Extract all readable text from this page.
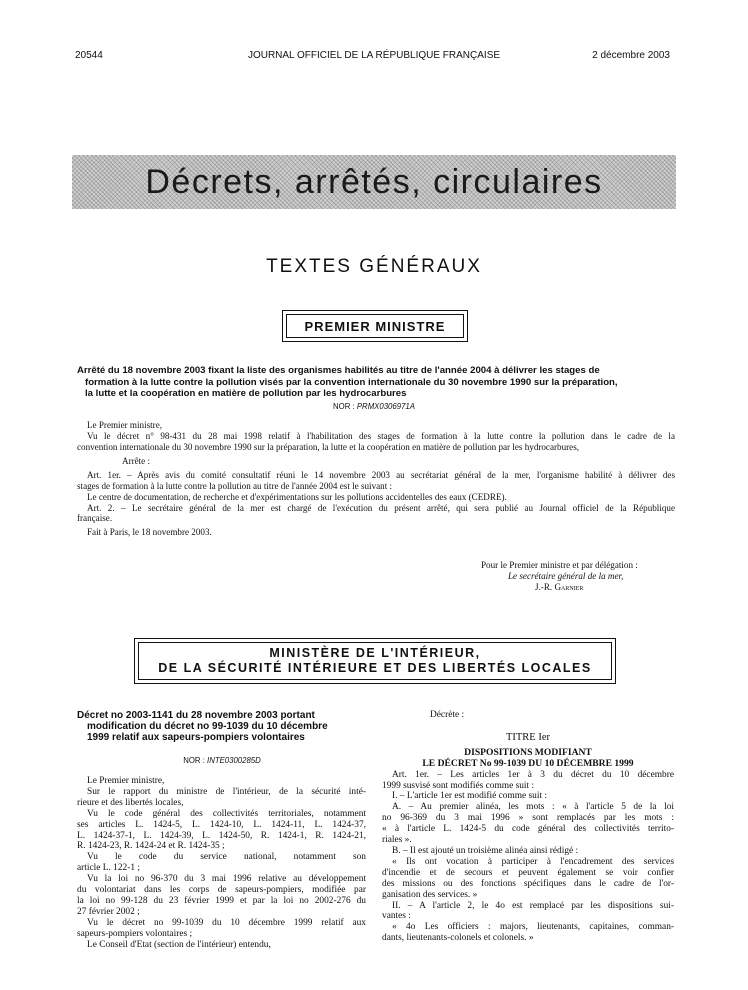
20544	JOURNAL OFFICIEL DE LA RÉPUBLIQUE FRANÇAISE	2 décembre 2003
Décrets, arrêtés, circulaires
TEXTES GÉNÉRAUX
PREMIER MINISTRE
Arrêté du 18 novembre 2003 fixant la liste des organismes habilités au titre de l'année 2004 à délivrer les stages de
formation à la lutte contre la pollution visés par la convention internationale du 30 novembre 1990 sur la préparation,
la lutte et la coopération en matière de pollution par les hydrocarbures
NOR : PRMX0306971A
Le Premier ministre,
Vu le décret n° 98-431 du 28 mai 1998 relatif à l'habilitation des stages de formation à la lutte contre la pollution dans le cadre de la
convention internationale du 30 novembre 1990 sur la préparation, la lutte et la coopération en matière de pollution par les hydrocarbures,
Arrête :
Art. 1er. – Après avis du comité consultatif réuni le 14 novembre 2003 au secrétariat général de la mer, l'organisme habilité à délivrer des
stages de formation à la lutte contre la pollution au titre de l'année 2004 est le suivant :
Le centre de documentation, de recherche et d'expérimentations sur les pollutions accidentelles des eaux (CEDRE).
Art. 2. – Le secrétaire général de la mer est chargé de l'exécution du présent arrêté, qui sera publié au Journal officiel de la République
française.
Fait à Paris, le 18 novembre 2003.
Pour le Premier ministre et par délégation :
Le secrétaire général de la mer,
J.-R. Garnier
MINISTÈRE DE L'INTÉRIEUR,
DE LA SÉCURITÉ INTÉRIEURE ET DES LIBERTÉS LOCALES
Décret no 2003-1141 du 28 novembre 2003 portant
modification du décret no 99-1039 du 10 décembre
1999 relatif aux sapeurs-pompiers volontaires
NOR : INTE0300285D
Le Premier ministre,
Sur le rapport du ministre de l'intérieur, de la sécurité inté-
rieure et des libertés locales,
Vu le code général des collectivités territoriales, notamment
ses articles L. 1424-5, L. 1424-10, L. 1424-11, L. 1424-37,
L. 1424-37-1, L. 1424-39, L. 1424-50, R. 1424-1, R. 1424-21,
R. 1424-23, R. 1424-24 et R. 1424-35 ;
Vu le code du service national, notamment son
article L. 122-1 ;
Vu la loi no 96-370 du 3 mai 1996 relative au développement
du volontariat dans les corps de sapeurs-pompiers, modifiée par
la loi no 99-128 du 23 février 1999 et par la loi no 2002-276 du
27 février 2002 ;
Vu le décret no 99-1039 du 10 décembre 1999 relatif aux
sapeurs-pompiers volontaires ;
Le Conseil d'Etat (section de l'intérieur) entendu,
Décrète :
TITRE Ier
DISPOSITIONS MODIFIANT
LE DÉCRET No 99-1039 DU 10 DÉCEMBRE 1999
Art. 1er. – Les articles 1er à 3 du décret du 10 décembre
1999 susvisé sont modifiés comme suit :
I. – L'article 1er est modifié comme suit :
A. – Au premier alinéa, les mots : « à l'article 5 de la loi
no 96-369 du 3 mai 1996 » sont remplacés par les mots :
« à l'article L. 1424-5 du code général des collectivités territo-
riales ».
B. – Il est ajouté un troisième alinéa ainsi rédigé :
« Ils ont vocation à participer à l'encadrement des services
d'incendie et de secours et peuvent également se voir confier
des missions ou des fonctions spécifiques dans le cadre de l'or-
ganisation des services. »
II. – A l'article 2, le 4o est remplacé par les dispositions sui-
vantes :
« 4o Les officiers : majors, lieutenants, capitaines, comman-
dants, lieutenants-colonels et colonels. »
